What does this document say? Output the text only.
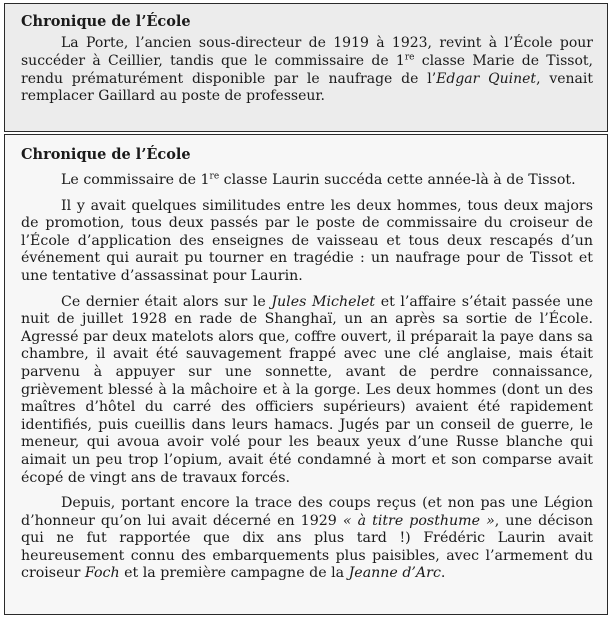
Chronique de l’École

La Porte, l’ancien sous-directeur de 1919 à 1923, revint à l’École pour succéder à Ceillier, tandis que le commissaire de 1re classe Marie de Tissot, rendu prématurément disponible par le naufrage de l’Edgar Quinet, venait remplacer Gaillard au poste de professeur.

Chronique de l’École

Le commissaire de 1re classe Laurin succéda cette année-là à de Tissot.

Il y avait quelques similitudes entre les deux hommes, tous deux majors de promotion, tous deux passés par le poste de commissaire du croiseur de l’École d’application des enseignes de vaisseau et tous deux rescapés d’un événement qui aurait pu tourner en tragédie : un naufrage pour de Tissot et une tentative d’assassinat pour Laurin.

Ce dernier était alors sur le Jules Michelet et l’affaire s’était passée une nuit de juillet 1928 en rade de Shanghaï, un an après sa sortie de l’École. Agressé par deux matelots alors que, coffre ouvert, il préparait la paye dans sa chambre, il avait été sauvagement frappé avec une clé anglaise, mais était parvenu à appuyer sur une sonnette, avant de perdre connaissance, grièvement blessé à la mâchoire et à la gorge. Les deux hommes (dont un des maîtres d’hôtel du carré des officiers supérieurs) avaient été rapidement identifiés, puis cueillis dans leurs hamacs. Jugés par un conseil de guerre, le meneur, qui avoua avoir volé pour les beaux yeux d’une Russe blanche qui aimait un peu trop l’opium, avait été condamné à mort et son comparse avait écopé de vingt ans de travaux forcés.

Depuis, portant encore la trace des coups reçus (et non pas une Légion d’honneur qu’on lui avait décerné en 1929 « à titre posthume », une décison qui ne fut rapportée que dix ans plus tard !) Frédéric Laurin avait heureusement connu des embarquements plus paisibles, avec l’armement du croiseur Foch et la première campagne de la Jeanne d’Arc.
